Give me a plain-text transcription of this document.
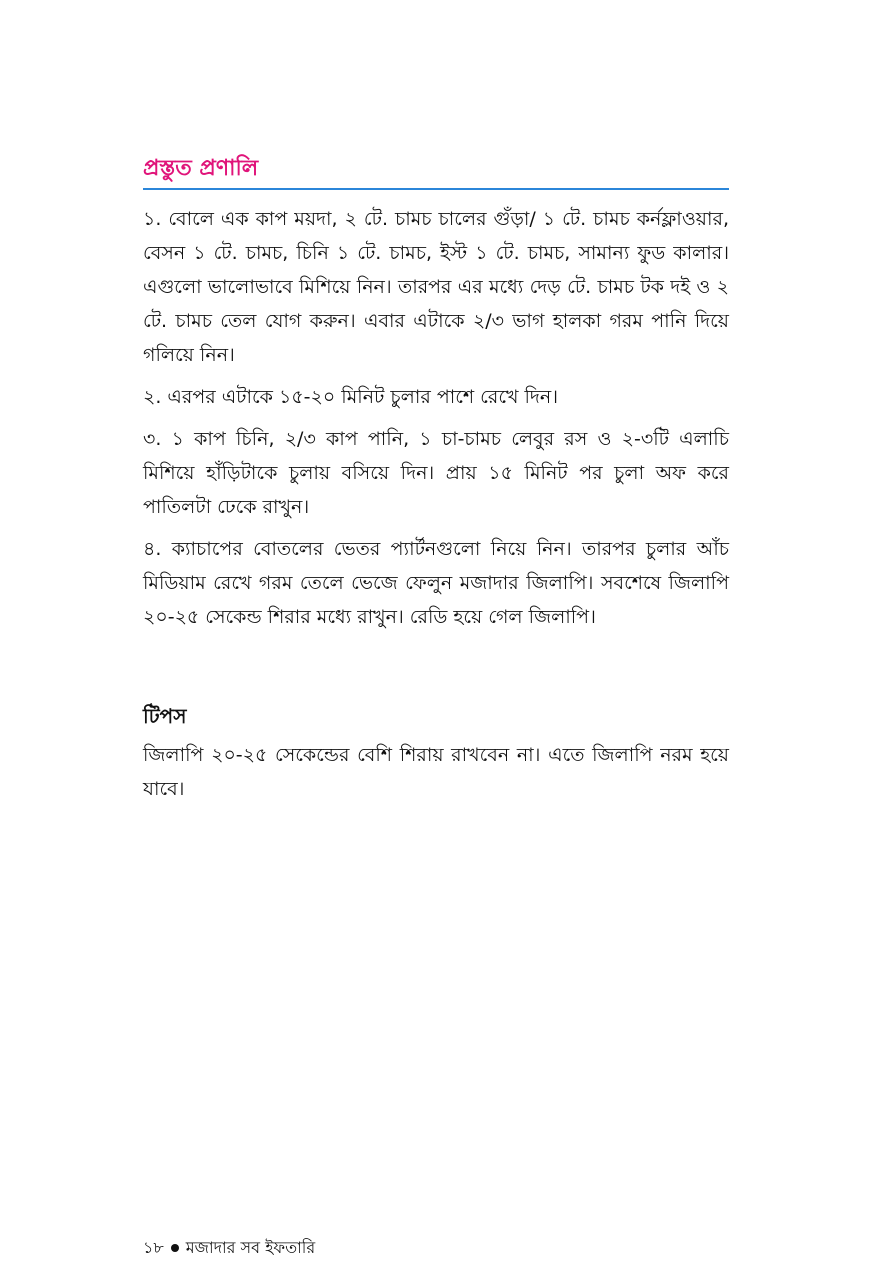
প্রস্তুত প্রণালি

১. বোলে এক কাপ ময়দা, ২ টে. চামচ চালের গুঁড়া/ ১ টে. চামচ কর্নফ্লাওয়ার, বেসন ১ টে. চামচ, চিনি ১ টে. চামচ, ইস্ট ১ টে. চামচ, সামান্য ফুড কালার। এগুলো ভালোভাবে মিশিয়ে নিন। তারপর এর মধ্যে দেড় টে. চামচ টক দই ও ২ টে. চামচ তেল যোগ করুন। এবার এটাকে ২/৩ ভাগ হালকা গরম পানি দিয়ে গলিয়ে নিন।

২. এরপর এটাকে ১৫-২০ মিনিট চুলার পাশে রেখে দিন।

৩. ১ কাপ চিনি, ২/৩ কাপ পানি, ১ চা-চামচ লেবুর রস ও ২-৩টি এলাচি মিশিয়ে হাঁড়িটাকে চুলায় বসিয়ে দিন। প্রায় ১৫ মিনিট পর চুলা অফ করে পাতিলটা ঢেকে রাখুন।

৪. ক্যাচাপের বোতলের ভেতর প্যার্টনগুলো নিয়ে নিন। তারপর চুলার আঁচ মিডিয়াম রেখে গরম তেলে ভেজে ফেলুন মজাদার জিলাপি। সবশেষে জিলাপি ২০-২৫ সেকেন্ড শিরার মধ্যে রাখুন। রেডি হয়ে গেল জিলাপি।

টিপস

জিলাপি ২০-২৫ সেকেন্ডের বেশি শিরায় রাখবেন না। এতে জিলাপি নরম হয়ে যাবে।

১৮ মজাদার সব ইফতারি
